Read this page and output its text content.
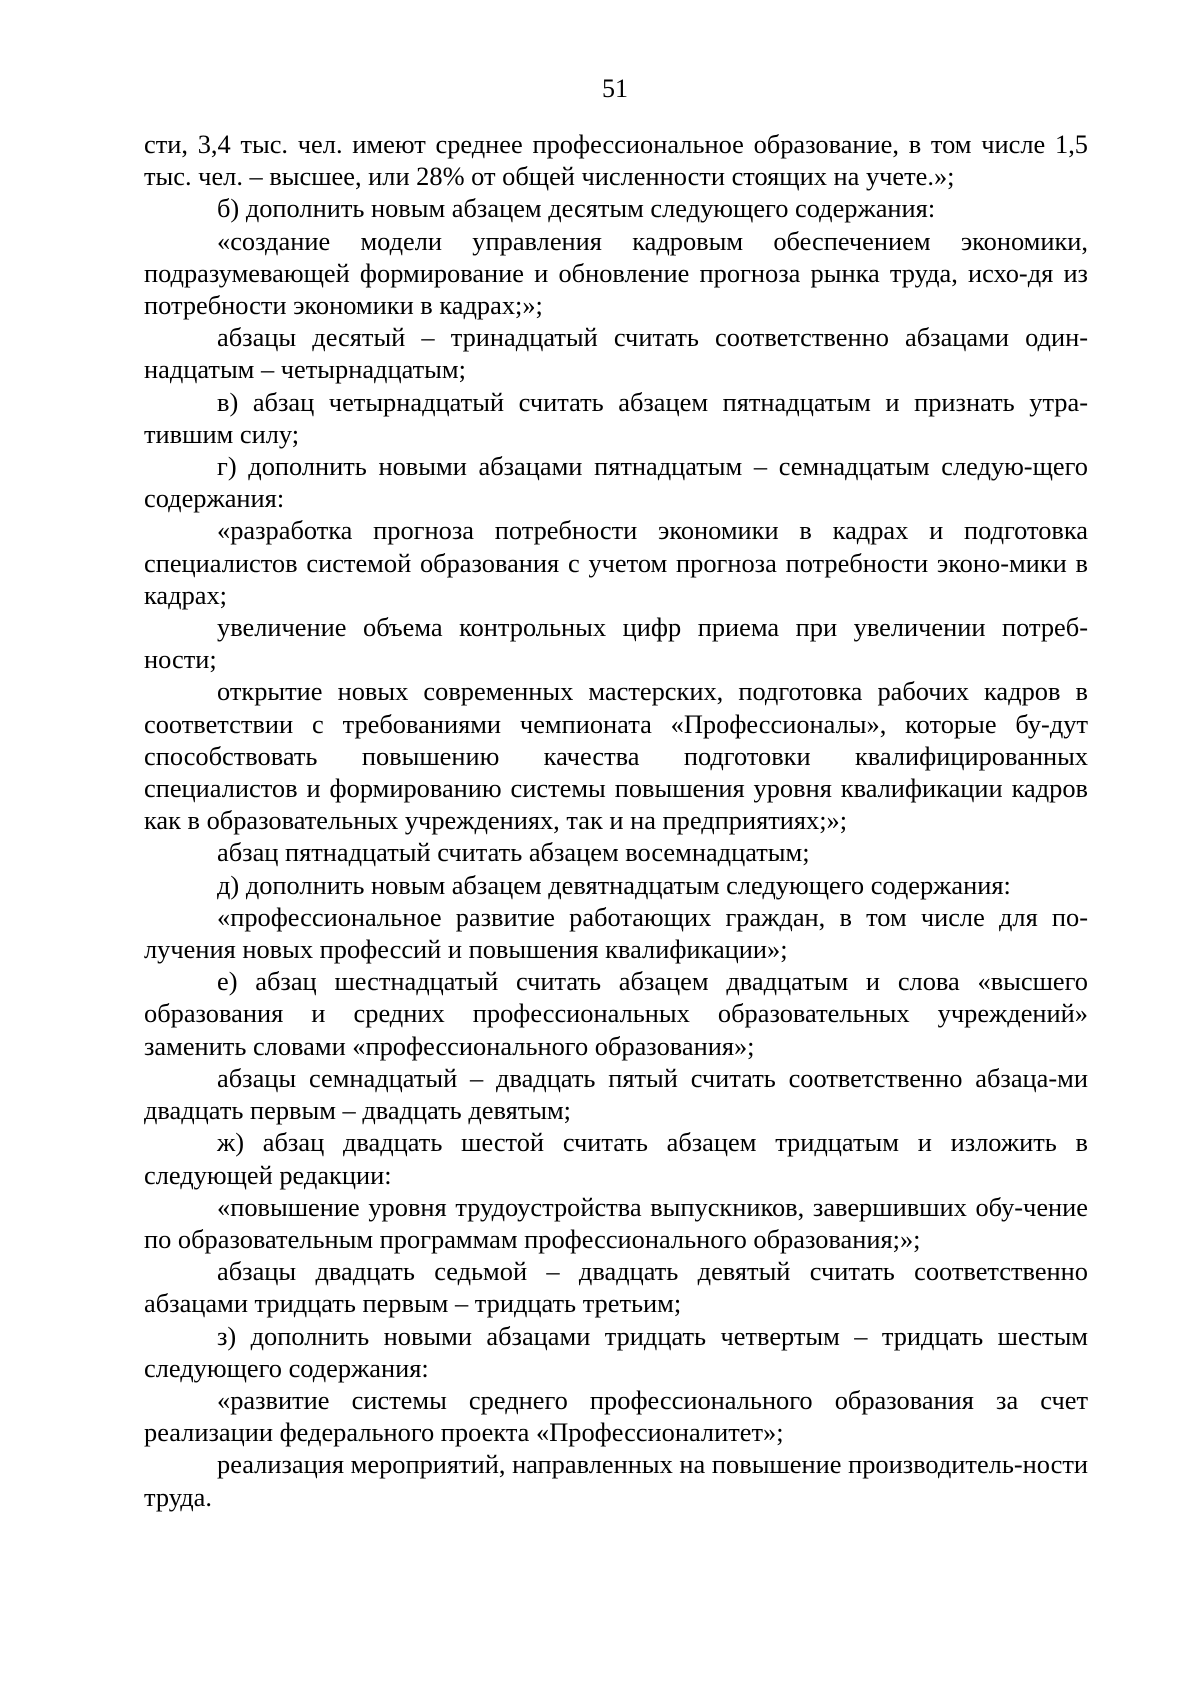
51

сти, 3,4 тыс. чел. имеют среднее профессиональное образование, в том числе 1,5 тыс. чел. – высшее, или 28% от общей численности стоящих на учете.»;

б) дополнить новым абзацем десятым следующего содержания:

«создание модели управления кадровым обеспечением экономики, подразумевающей формирование и обновление прогноза рынка труда, исхо-дя из потребности экономики в кадрах;»;

абзацы десятый – тринадцатый считать соответственно абзацами один-надцатым – четырнадцатым;

в) абзац четырнадцатый считать абзацем пятнадцатым и признать утра-тившим силу;

г) дополнить новыми абзацами пятнадцатым – семнадцатым следую-щего содержания:

«разработка прогноза потребности экономики в кадрах и подготовка специалистов системой образования с учетом прогноза потребности эконо-мики в кадрах;

увеличение объема контрольных цифр приема при увеличении потреб-ности;

открытие новых современных мастерских, подготовка рабочих кадров в соответствии с требованиями чемпионата «Профессионалы», которые бу-дут способствовать повышению качества подготовки квалифицированных специалистов и формированию системы повышения уровня квалификации кадров как в образовательных учреждениях, так и на предприятиях;»;

абзац пятнадцатый считать абзацем восемнадцатым;

д) дополнить новым абзацем девятнадцатым следующего содержания:

«профессиональное развитие работающих граждан, в том числе для по-лучения новых профессий и повышения квалификации»;

е) абзац шестнадцатый считать абзацем двадцатым и слова «высшего образования и средних профессиональных образовательных учреждений» заменить словами «профессионального образования»;

абзацы семнадцатый – двадцать пятый считать соответственно абзаца-ми двадцать первым – двадцать девятым;

ж) абзац двадцать шестой считать абзацем тридцатым и изложить в следующей редакции:

«повышение уровня трудоустройства выпускников, завершивших обу-чение по образовательным программам профессионального образования;»;

абзацы двадцать седьмой – двадцать девятый считать соответственно абзацами тридцать первым – тридцать третьим;

з) дополнить новыми абзацами тридцать четвертым – тридцать шестым следующего содержания:

«развитие системы среднего профессионального образования за счет реализации федерального проекта «Профессионалитет»;

реализация мероприятий, направленных на повышение производитель-ности труда.
